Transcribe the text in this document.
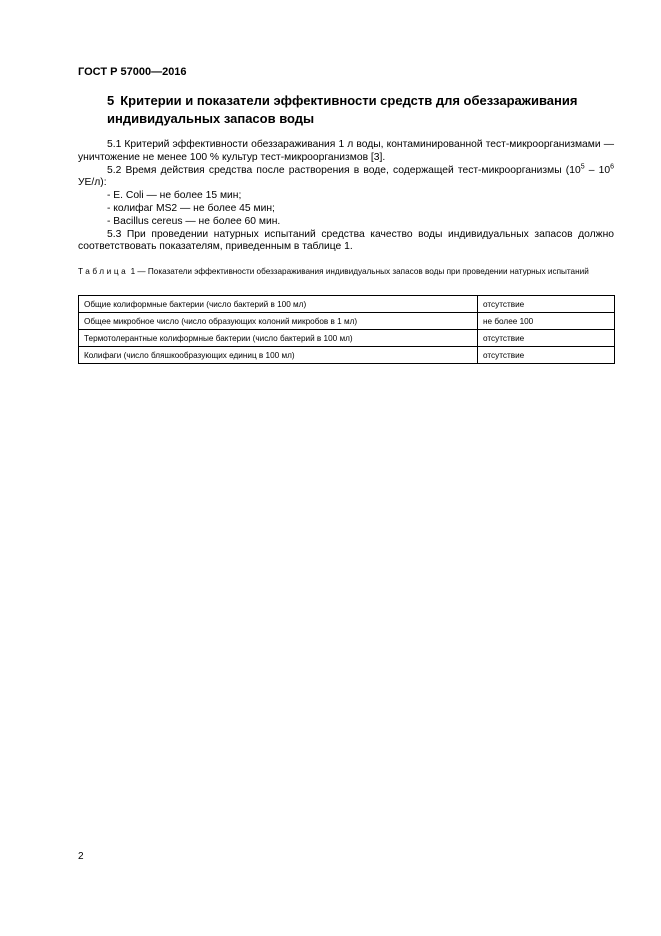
ГОСТ Р 57000—2016
5 Критерии и показатели эффективности средств для обеззараживания индивидуальных запасов воды

5.1 Критерий эффективности обеззараживания 1 л воды, контаминированной тест-микроорганизмами — уничтожение не менее 100 % культур тест-микроорганизмов [3].

5.2 Время действия средства после растворения в воде, содержащей тест-микроорганизмы ($10^5 - 10^6$ УЕ/л):

- E. Coli — не более 15 мин;

- колифаг MS2 — не более 45 мин;

- Bacillus cereus — не более 60 мин.

5.3 При проведении натурных испытаний средства качество воды индивидуальных запасов должно соответствовать показателям, приведенным в таблице 1.

Таблица 1 — Показатели эффективности обеззараживания индивидуальных запасов воды при проведении натурных испытаний
Общие колиформные бактерии (число бактерий в 100 мл)	отсутствие
Общее микробное число (число образующих колоний микробов в 1 мл)	не более 100
Термотолерантные колиформные бактерии (число бактерий в 100 мл)	отсутствие
Колифаги (число бляшкообразующих единиц в 100 мл)	отсутствие
2
